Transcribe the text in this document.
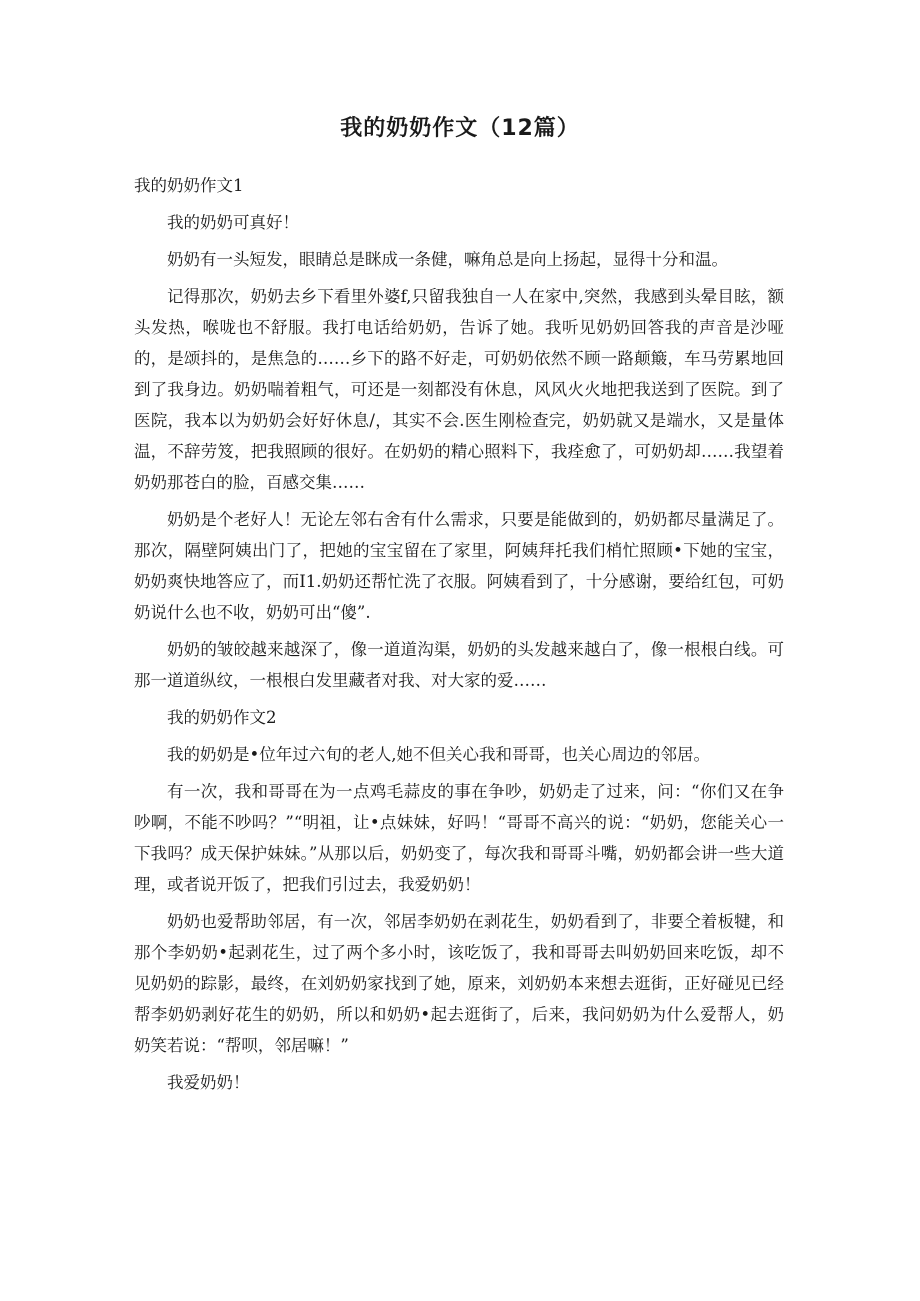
我的奶奶作文（12篇）

我的奶奶作文1

我的奶奶可真好！

奶奶有一头短发，眼睛总是眯成一条健，嘛角总是向上扬起，显得十分和温。

记得那次，奶奶去乡下看里外婆f,只留我独自一人在家中,突然，我感到头晕目眩，额头发热，喉咙也不舒服。我打电话给奶奶，告诉了她。我听见奶奶回答我的声音是沙哑的，是颂抖的，是焦急的……乡下的路不好走，可奶奶依然不顾一路颠簸，车马劳累地回到了我身边。奶奶喘着粗气，可还是一刻都没有休息，风风火火地把我送到了医院。到了医院，我本以为奶奶会好好休息/，其实不会.医生刚检查完，奶奶就又是端水，又是量体温，不辞劳笈，把我照顾的很好。在奶奶的精心照料下，我痊愈了，可奶奶却……我望着奶奶那苍白的脸，百感交集……

奶奶是个老好人！无论左邻右舍有什么需求，只要是能做到的，奶奶都尽量满足了。那次，隔壁阿姨出门了，把她的宝宝留在了家里，阿姨拜托我们梢忙照顾•下她的宝宝，奶奶爽快地答应了，而I1.奶奶还帮忙洗了衣服。阿姨看到了，十分感谢，要给红包，可奶奶说什么也不收，奶奶可出“傻”.

奶奶的皱皎越来越深了，像一道道沟渠，奶奶的头发越来越白了，像一根根白线。可那一道道纵纹，一根根白发里藏者对我、对大家的爱……

我的奶奶作文2

我的奶奶是•位年过六旬的老人,她不但关心我和哥哥，也关心周边的邻居。

有一次，我和哥哥在为一点鸡毛蒜皮的事在争吵，奶奶走了过来，问：“你们又在争吵啊，不能不吵吗？”“明祖，让•点妹妹，好吗！“哥哥不高兴的说：“奶奶，您能关心一下我吗？成天保护妹妹。”从那以后，奶奶变了，每次我和哥哥斗嘴，奶奶都会讲一些大道理，或者说开饭了，把我们引过去，我爱奶奶！

奶奶也爱帮助邻居，有一次，邻居李奶奶在剥花生，奶奶看到了，非要仝着板犍，和那个李奶奶•起剥花生，过了两个多小时，该吃饭了，我和哥哥去叫奶奶回来吃饭，却不见奶奶的踪影，最终，在刘奶奶家找到了她，原来，刘奶奶本来想去逛街，正好碰见已经帮李奶奶剥好花生的奶奶，所以和奶奶•起去逛街了，后来，我问奶奶为什么爱帮人，奶奶笑若说：“帮呗，邻居嘛！”

我爱奶奶！
